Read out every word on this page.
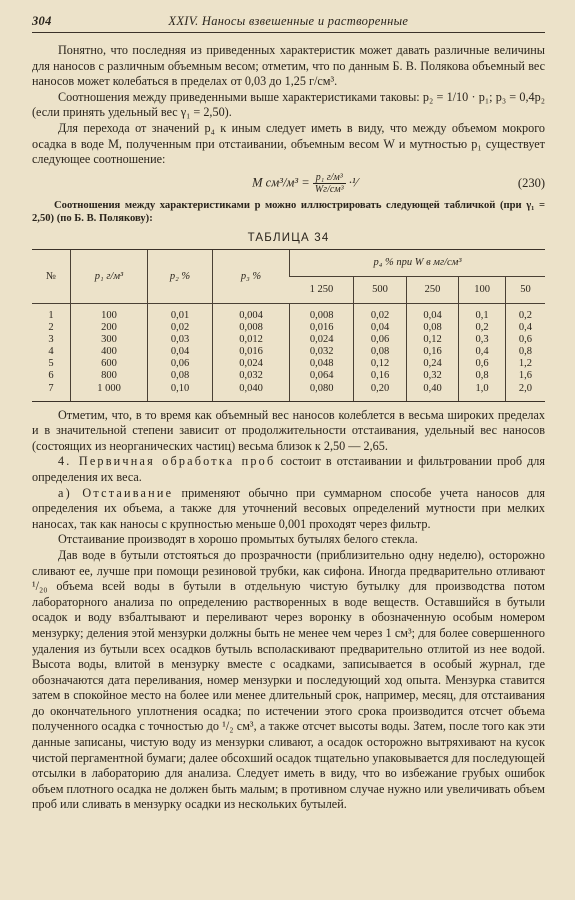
304	XXIV. Наносы взвешенные и растворенные

Понятно, что последняя из приведенных характеристик может давать различные величины для наносов с различным объемным весом; отметим, что по данным Б. В. Полякова объемный вес наносов может колебаться в пределах от 0,03 до 1,25 г/см³.

Соотношения между приведенными выше характеристиками таковы: p₂ = 1/10 · p₁; p₃ = 0,4p₂ (если принять удельный вес γ₁ = 2,50).

Для перехода от значений p₄ к иным следует иметь в виду, что между объемом мокрого осадка в воде M, полученным при отстаивании, объемным весом W и мутностью p₁ существует следующее соотношение:

M $см^3/м^3 = \frac{\text{p₁ г/м³}}{\text{Wг/см³}}$ ·¹⁄	(230)

Соотношения между характеристиками p можно иллюстрировать следующей табличкой (при γ₁ = 2,50) (по Б. В. Полякову):

ТАБЛИЦА 34
№	p₁ г/м³	p₂ %	p₃ %	p₄ % при W в мг/см³				
				1 250	500	250	100	50
1	100	0,01	0,004	0,008	0,02	0,04	0,1	0,2
2	200	0,02	0,008	0,016	0,04	0,08	0,2	0,4
3	300	0,03	0,012	0,024	0,06	0,12	0,3	0,6
4	400	0,04	0,016	0,032	0,08	0,16	0,4	0,8
5	600	0,06	0,024	0,048	0,12	0,24	0,6	1,2
6	800	0,08	0,032	0,064	0,16	0,32	0,8	1,6
7	1 000	0,10	0,040	0,080	0,20	0,40	1,0	2,0

Отметим, что, в то время как объемный вес наносов колеблется в весьма широких пределах и в значительной степени зависит от продолжительности отстаивания, удельный вес наносов (состоящих из неорганических частиц) весьма близок к 2,50 — 2,65.

4. Первичная обработка проб состоит в отстаивании и фильтровании проб для определения их веса.

а) Отстаивание применяют обычно при суммарном способе учета наносов для определения их объема, а также для уточнений весовых определений мутности при мелких наносах, так как наносы с крупностью меньше 0,001 проходят через фильтр.

Отстаивание производят в хорошо промытых бутылях белого стекла.

Дав воде в бутыли отстояться до прозрачности (приблизительно одну неделю), осторожно сливают ее, лучше при помощи резиновой трубки, как сифона. Иногда предварительно отливают ¹/₂₀ объема всей воды в бутыли в отдельную чистую бутылку для производства потом лабораторного анализа по определению растворенных в воде веществ. Оставшийся в бутыли осадок и воду взбалтывают и переливают через воронку в обозначенную особым номером мензурку; деления этой мензурки должны быть не менее чем через 1 см³; для более совершенного удаления из бутыли всех осадков бутыль всполаскивают предварительно отлитой из нее водой. Высота воды, влитой в мензурку вместе с осадками, записывается в особый журнал, где обозначаются дата переливания, номер мензурки и последующий ход опыта. Мензурка ставится затем в спокойное место на более или менее длительный срок, например, месяц, для отстаивания до окончательного уплотнения осадка; по истечении этого срока производится отсчет объема полученного осадка с точностью до ¹/₂ см³, а также отсчет высоты воды. Затем, после того как эти данные записаны, чистую воду из мензурки сливают, а осадок осторожно вытряхивают на кусок чистой пергаментной бумаги; далее обсохший осадок тщательно упаковывается для последующей отсылки в лабораторию для анализа. Следует иметь в виду, что во избежание грубых ошибок объем плотного осадка не должен быть малым; в противном случае нужно или увеличивать объем проб или сливать в мензурку осадки из нескольких бутылей.
